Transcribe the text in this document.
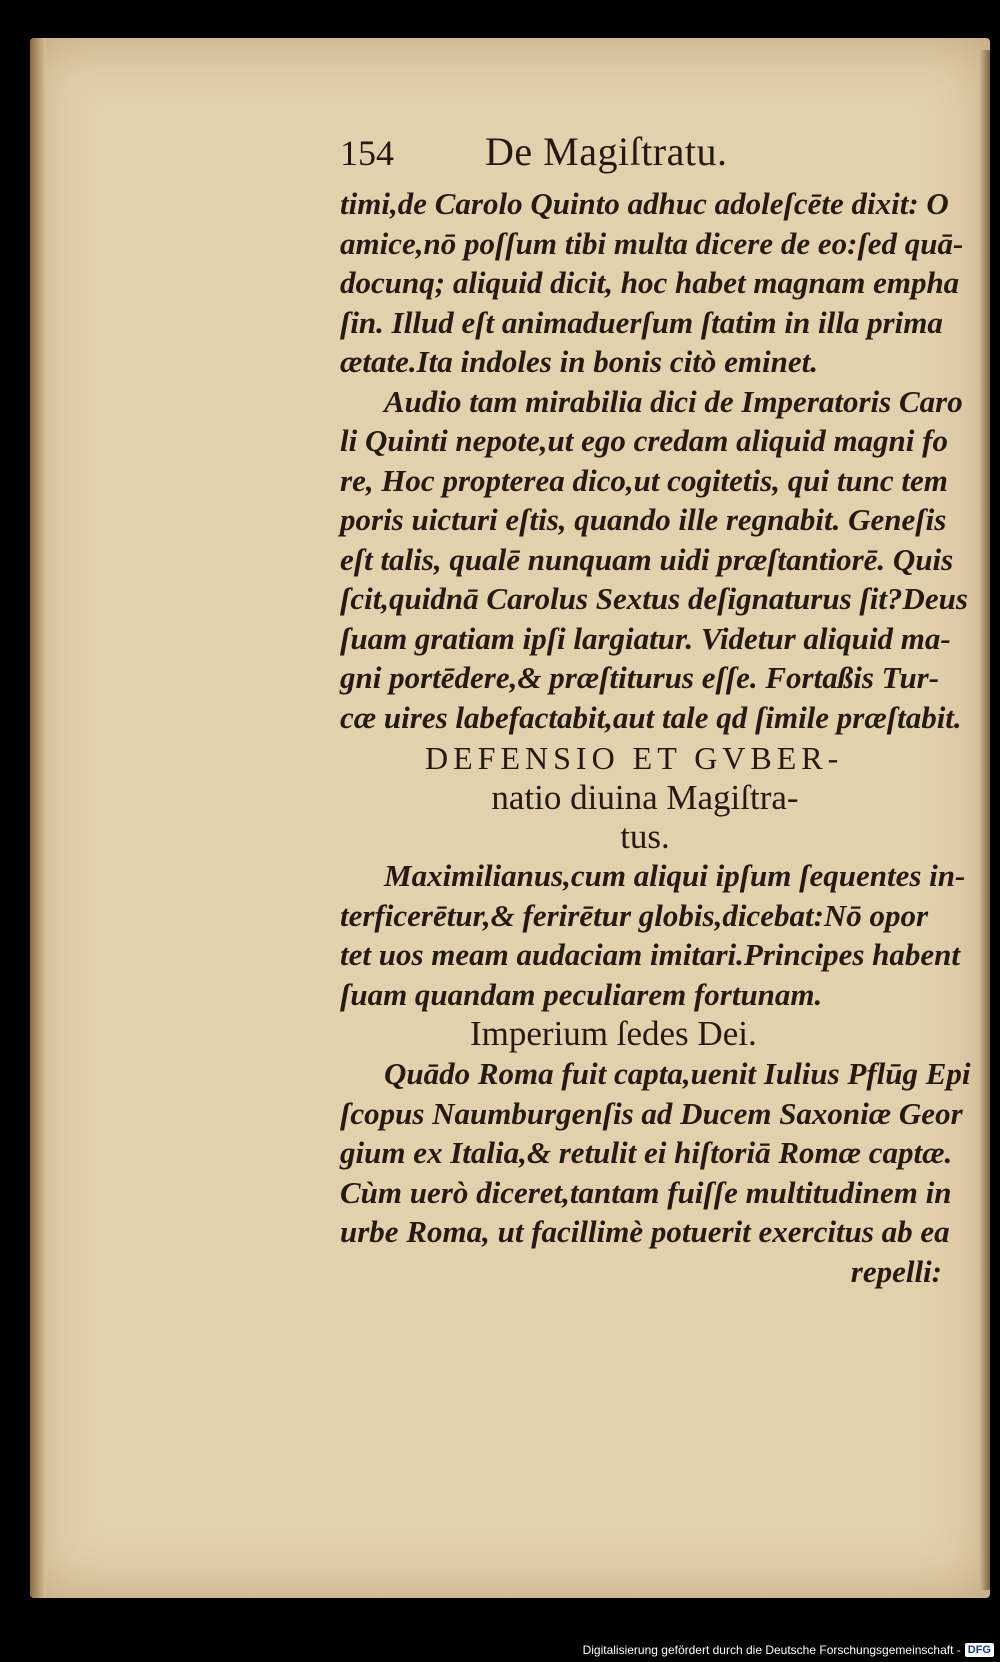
154	De Magiſtratu.
timi,de Carolo Quinto adhuc adoleſcēte dixit: O
amice,nō poſſum tibi multa dicere de eo:ſed quā-
docunq; aliquid dicit, hoc habet magnam empha
ſin. Illud eſt animaduerſum ſtatim in illa prima
ætate.Ita indoles in bonis citò eminet.
Audio tam mirabilia dici de Imperatoris Caro
li Quinti nepote,ut ego credam aliquid magni fo
re, Hoc propterea dico,ut cogitetis, qui tunc tem
poris uicturi eſtis, quando ille regnabit. Geneſis
eſt talis, qualē nunquam uidi præſtantiorē. Quis
ſcit,quidnā Carolus Sextus deſignaturus ſit?Deus
ſuam gratiam ipſi largiatur. Videtur aliquid ma-
gni portēdere,& præſtiturus eſſe. Fortaßis Tur-
cæ uires labefactabit,aut tale qd ſimile præſtabit.
DEFENSIO ET GVBER-
natio diuina Magiſtra-
tus.
Maximilianus,cum aliqui ipſum ſequentes in-
terficerētur,& ferirētur globis,dicebat:Nō opor
tet uos meam audaciam imitari.Principes habent
ſuam quandam peculiarem fortunam.
Imperium ſedes Dei.
Quādo Roma fuit capta,uenit Iulius Pflūg Epi
ſcopus Naumburgenſis ad Ducem Saxoniæ Geor
gium ex Italia,& retulit ei hiſtoriā Romæ captæ.
Cùm uerò diceret,tantam fuiſſe multitudinem in
urbe Roma, ut facillimè potuerit exercitus ab ea
repelli:
Digitalisierung gefördert durch die Deutsche Forschungsgemeinschaft - DFG
